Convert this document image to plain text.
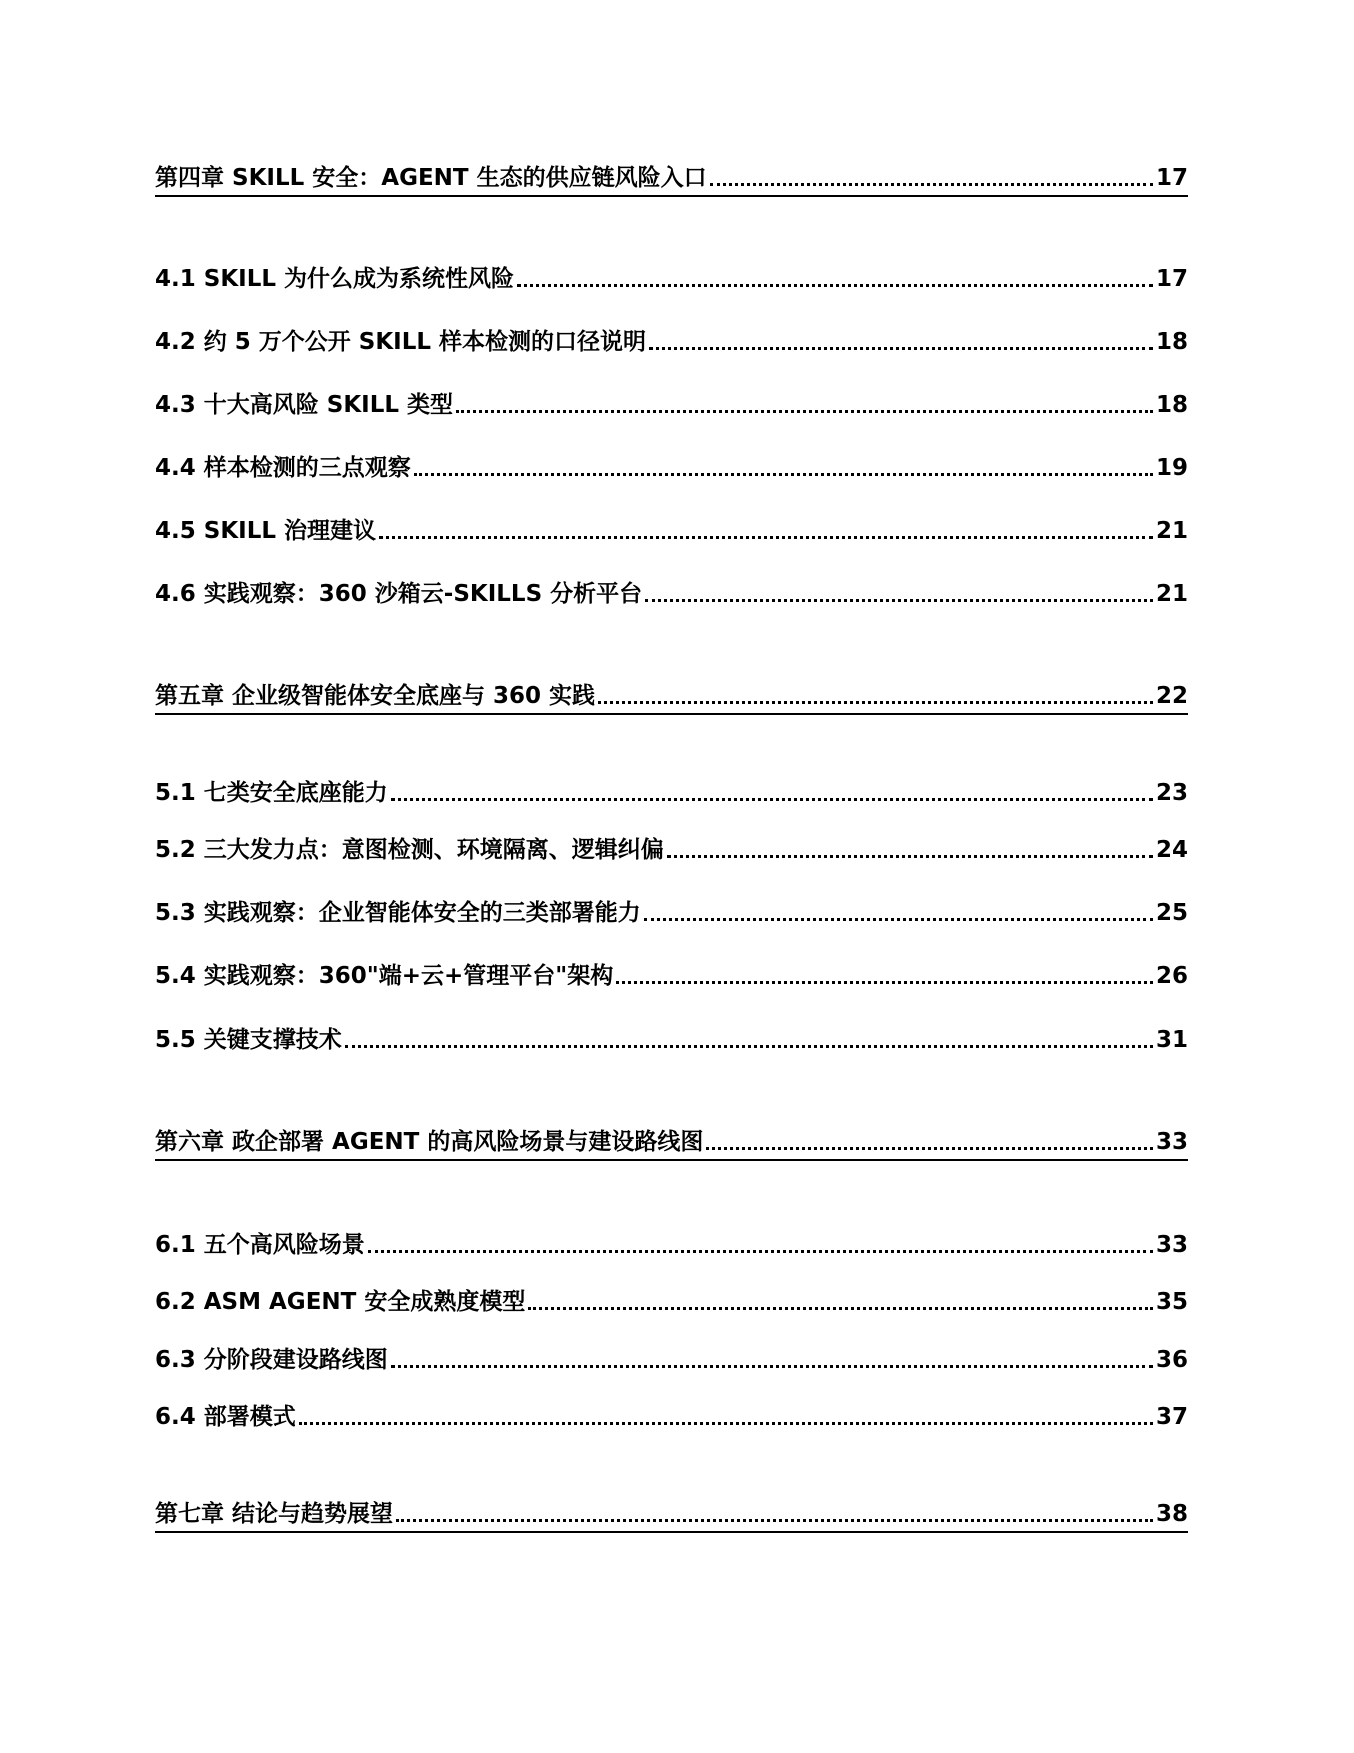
第四章 SKILL 安全：AGENT 生态的供应链风险入口	17
4.1 SKILL 为什么成为系统性风险	17
4.2 约 5 万个公开 SKILL 样本检测的口径说明	18
4.3 十大高风险 SKILL 类型	18
4.4 样本检测的三点观察	19
4.5 SKILL 治理建议	21
4.6 实践观察：360 沙箱云-SKILLS 分析平台	21
第五章 企业级智能体安全底座与 360 实践	22
5.1 七类安全底座能力	23
5.2 三大发力点：意图检测、环境隔离、逻辑纠偏	24
5.3 实践观察：企业智能体安全的三类部署能力	25
5.4 实践观察：360"端+云+管理平台"架构	26
5.5 关键支撑技术	31
第六章 政企部署 AGENT 的高风险场景与建设路线图	33
6.1 五个高风险场景	33
6.2 ASM AGENT 安全成熟度模型	35
6.3 分阶段建设路线图	36
6.4 部署模式	37
第七章 结论与趋势展望	38
